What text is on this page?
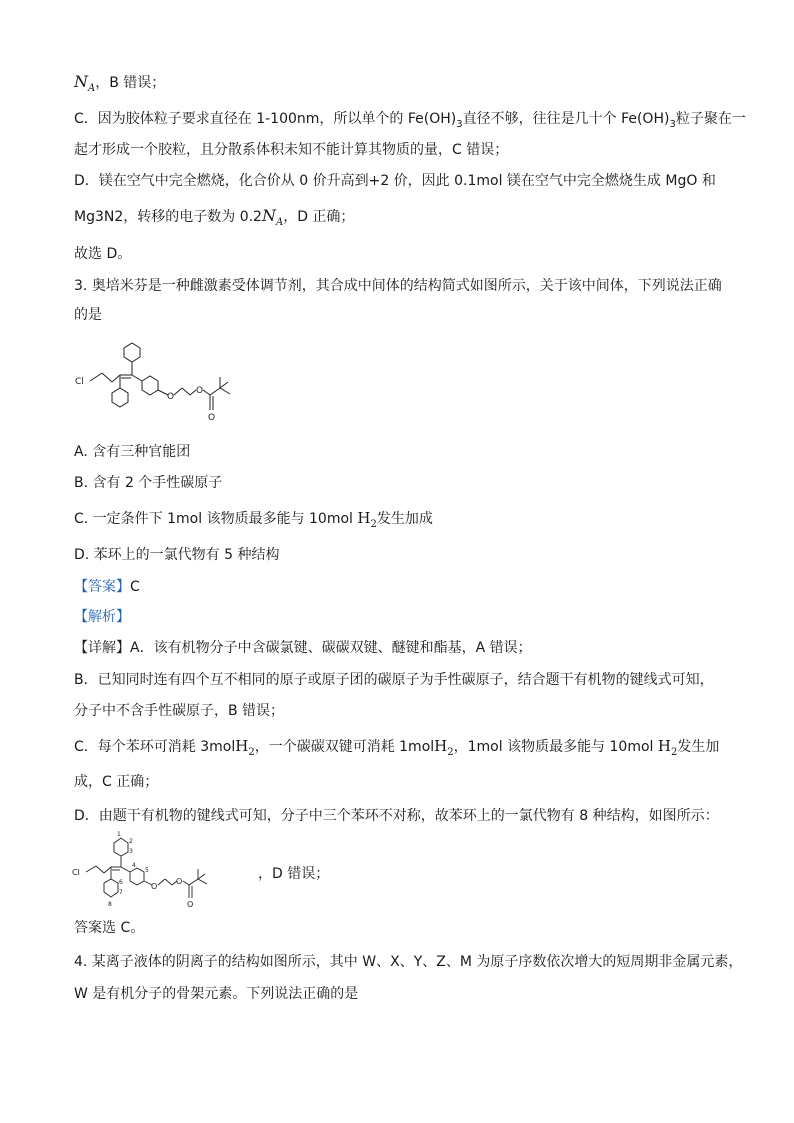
$N_A$，B 错误；
C．因为胶体粒子要求直径在 1-100nm，所以单个的 $Fe(OH)_3$直径不够，往往是几十个 $Fe(OH)_3$粒子聚在一
起才形成一个胶粒，且分散系体积未知不能计算其物质的量，C 错误；
D．镁在空气中完全燃烧，化合价从 0 价升高到+2 价，因此 0.1mol 镁在空气中完全燃烧生成 MgO 和
Mg3N2，转移的电子数为 $0.2N_A$，D 正确；
故选 D。
3. 奥培米芬是一种雌激素受体调节剂，其合成中间体的结构简式如图所示，关于该中间体，下列说法正确
的是
Cl
O
O
O
A. 含有三种官能团
B. 含有 2 个手性碳原子
C. 一定条件下 1mol 该物质最多能与 10mol $H_2$发生加成
D. 苯环上的一氯代物有 5 种结构
【答案】C
【解析】
【详解】A．该有机物分子中含碳氯键、碳碳双键、醚键和酯基，A 错误；
B．已知同时连有四个互不相同的原子或原子团的碳原子为手性碳原子，结合题干有机物的键线式可知，
分子中不含手性碳原子，B 错误；
C．每个苯环可消耗 3molH$_2$，一个碳碳双键可消耗 1molH$_2$，1mol 该物质最多能与 10mol $H_2$发生加
成，C 正确；
D．由题干有机物的键线式可知，分子中三个苯环不对称，故苯环上的一氯代物有 8 种结构，如图所示：
Cl
O
O
O
1
2
3
4
5
6
7
8
，D 错误；
答案选 C。
4. 某离子液体的阴离子的结构如图所示，其中 W、X、Y、Z、M 为原子序数依次增大的短周期非金属元素，
W 是有机分子的骨架元素。下列说法正确的是
